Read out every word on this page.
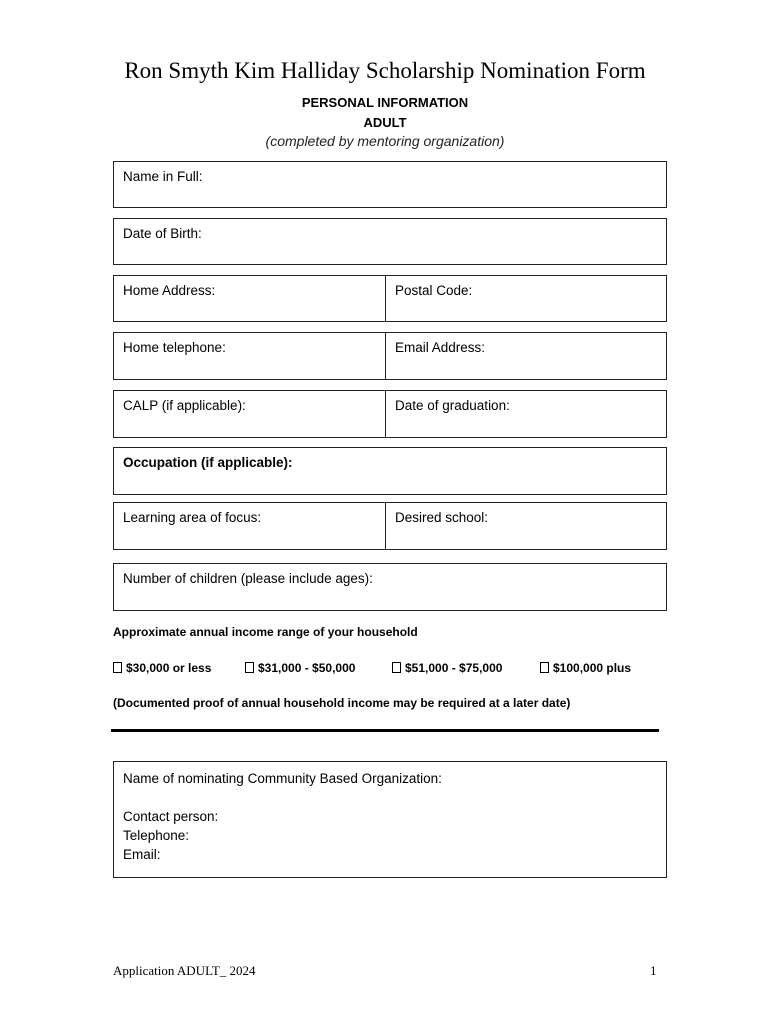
Ron Smyth Kim Halliday Scholarship Nomination Form
PERSONAL INFORMATION
ADULT
(completed by mentoring organization)
Name in Full:
Date of Birth:
Home Address:	Postal Code:
Home telephone:	Email Address:
CALP (if applicable):	Date of graduation:
Occupation (if applicable):
Learning area of focus:	Desired school:
Number of children (please include ages):
Approximate annual income range of your household
$30,000 or less	$31,000 - $50,000	$51,000 - $75,000	$100,000 plus
(Documented proof of annual household income may be required at a later date)
Name of nominating Community Based Organization:
Contact person:
Telephone:
Email:
Application ADULT_ 2024	1
